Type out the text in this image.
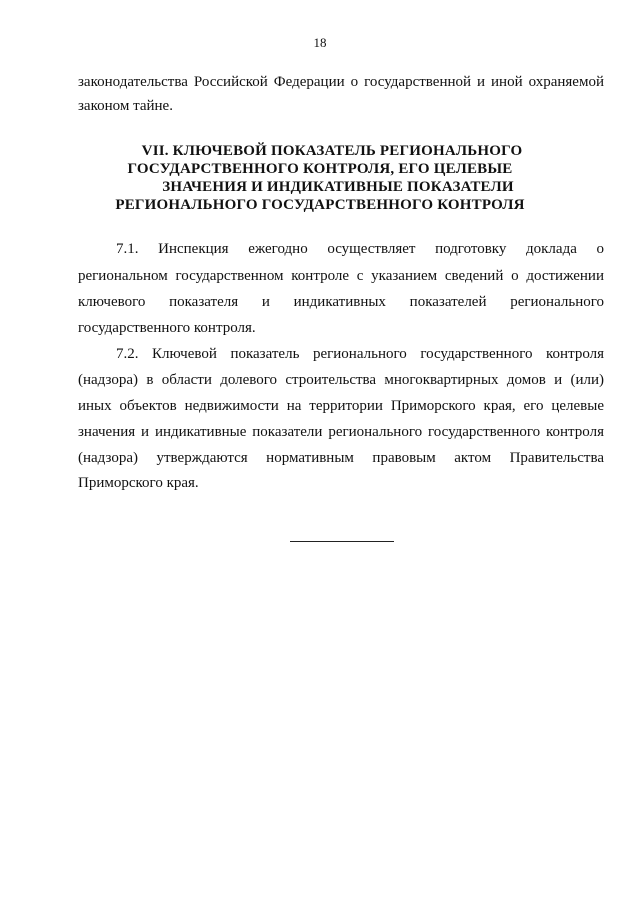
18
законодательства Российской Федерации о государственной и иной охраняемой
законом тайне.
VII. КЛЮЧЕВОЙ ПОКАЗАТЕЛЬ РЕГИОНАЛЬНОГО
ГОСУДАРСТВЕННОГО КОНТРОЛЯ, ЕГО ЦЕЛЕВЫЕ
ЗНАЧЕНИЯ И ИНДИКАТИВНЫЕ ПОКАЗАТЕЛИ
РЕГИОНАЛЬНОГО ГОСУДАРСТВЕННОГО КОНТРОЛЯ
7.1. Инспекция ежегодно осуществляет подготовку доклада о
региональном государственном контроле с указанием сведений о достижении
ключевого показателя и индикативных показателей регионального
государственного контроля.
7.2. Ключевой показатель регионального государственного контроля
(надзора) в области долевого строительства многоквартирных домов и (или)
иных объектов недвижимости на территории Приморского края, его целевые
значения и индикативные показатели регионального государственного контроля
(надзора) утверждаются нормативным правовым актом Правительства
Приморского края.
